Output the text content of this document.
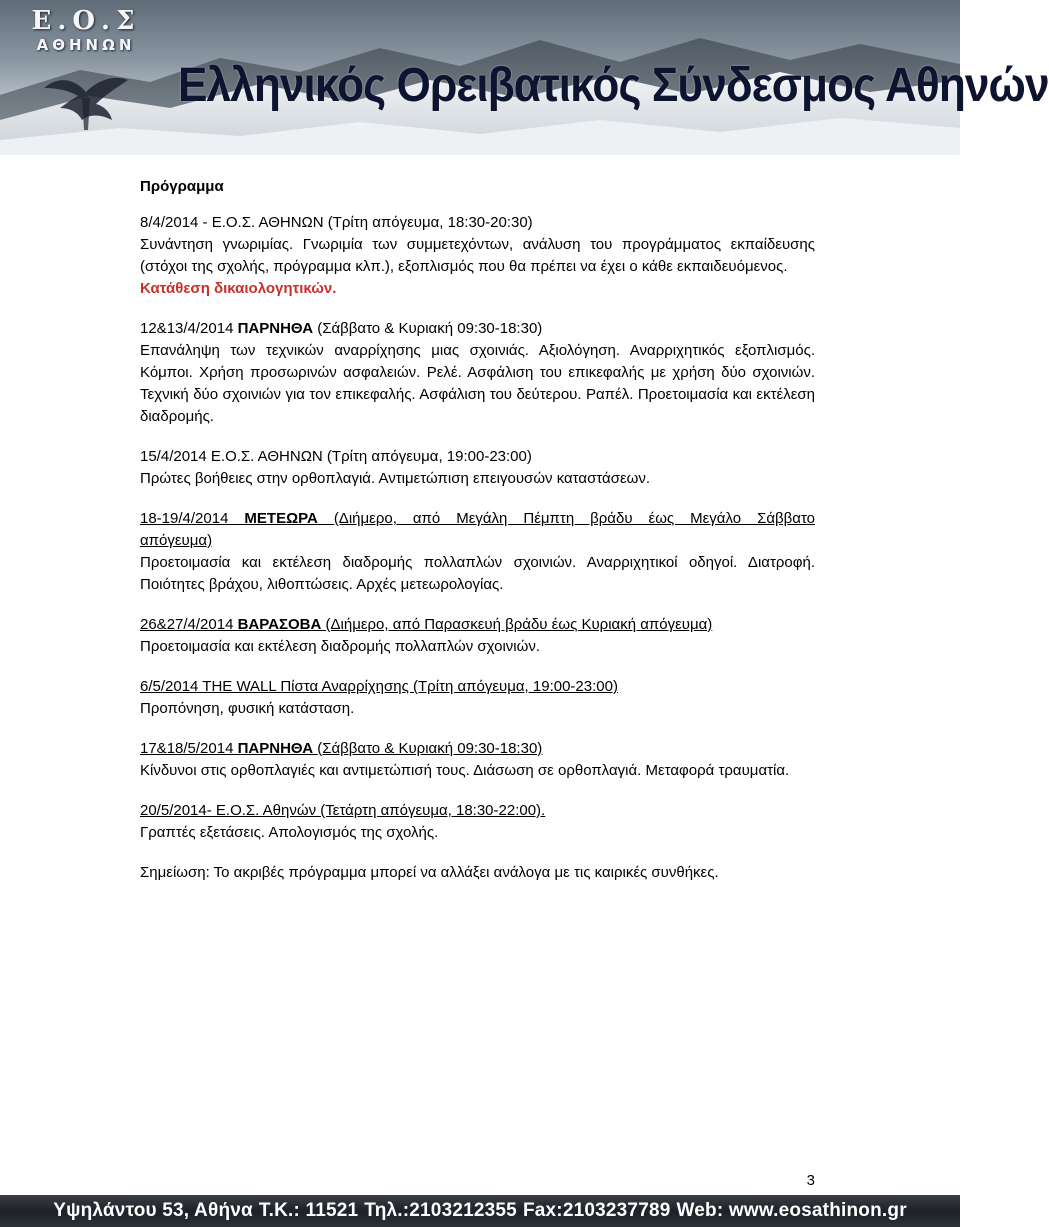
Ε.Ο.Σ
ΑΘΗΝΩΝ
Ελληνικός Ορειβατικός Σύνδεσμος Αθηνών

Πρόγραμμα

8/4/2014 - Ε.Ο.Σ. ΑΘΗΝΩΝ (Τρίτη απόγευμα, 18:30-20:30)

Συνάντηση γνωριμίας. Γνωριμία των συμμετεχόντων, ανάλυση του προγράμματος εκπαίδευσης (στόχοι της σχολής, πρόγραμμα κλπ.), εξοπλισμός που θα πρέπει να έχει ο κάθε εκπαιδευόμενος.

Κατάθεση δικαιολογητικών.

12&13/4/2014 ΠΑΡΝΗΘΑ (Σάββατο & Κυριακή 09:30-18:30)

Επανάληψη των τεχνικών αναρρίχησης μιας σχοινιάς. Αξιολόγηση. Αναρριχητικός εξοπλισμός. Κόμποι. Χρήση προσωρινών ασφαλειών. Ρελέ. Ασφάλιση του επικεφαλής με χρήση δύο σχοινιών. Τεχνική δύο σχοινιών για τον επικεφαλής. Ασφάλιση του δεύτερου. Ραπέλ. Προετοιμασία και εκτέλεση διαδρομής.

15/4/2014 Ε.Ο.Σ. ΑΘΗΝΩΝ (Τρίτη απόγευμα, 19:00-23:00)

Πρώτες βοήθειες στην ορθοπλαγιά. Αντιμετώπιση επειγουσών καταστάσεων.

18-19/4/2014 ΜΕΤΕΩΡΑ (Διήμερο, από Μεγάλη Πέμπτη βράδυ έως Μεγάλο Σάββατο

απόγευμα)

Προετοιμασία και εκτέλεση διαδρομής πολλαπλών σχοινιών. Αναρριχητικοί οδηγοί. Διατροφή. Ποιότητες βράχου, λιθοπτώσεις. Αρχές μετεωρολογίας.

26&27/4/2014 ΒΑΡΑΣΟΒΑ (Διήμερο, από Παρασκευή βράδυ έως Κυριακή απόγευμα)

Προετοιμασία και εκτέλεση διαδρομής πολλαπλών σχοινιών.

6/5/2014 THE WALL Πίστα Αναρρίχησης (Τρίτη απόγευμα, 19:00-23:00)

Προπόνηση, φυσική κατάσταση.

17&18/5/2014 ΠΑΡΝΗΘΑ (Σάββατο & Κυριακή 09:30-18:30)

Κίνδυνοι στις ορθοπλαγιές και αντιμετώπισή τους. Διάσωση σε ορθοπλαγιά. Μεταφορά τραυματία.

20/5/2014- Ε.Ο.Σ. Αθηνών (Τετάρτη απόγευμα, 18:30-22:00).

Γραπτές εξετάσεις. Απολογισμός της σχολής.

Σημείωση: Το ακριβές πρόγραμμα μπορεί να αλλάξει ανάλογα με τις καιρικές συνθήκες.

3
Υψηλάντου 53, Αθήνα Τ.Κ.: 11521 Τηλ.:2103212355 Fax:2103237789 Web: www.eosathinon.gr
